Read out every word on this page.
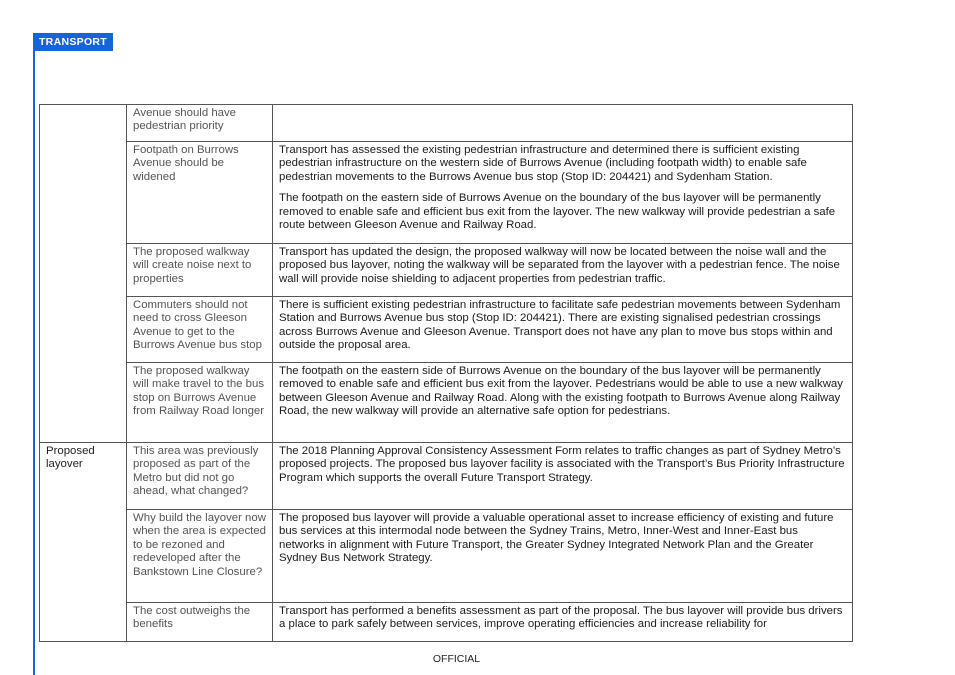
TRANSPORT
	Avenue should have pedestrian priority	

	Footpath on Burrows Avenue should be widened	Transport has assessed the existing pedestrian infrastructure and determined there is sufficient existing pedestrian infrastructure on the western side of Burrows Avenue (including footpath width) to enable safe pedestrian movements to the Burrows Avenue bus stop (Stop ID: 204421) and Sydenham Station.

The footpath on the eastern side of Burrows Avenue on the boundary of the bus layover will be permanently removed to enable safe and efficient bus exit from the layover. The new walkway will provide pedestrian a safe route between Gleeson Avenue and Railway Road.

	The proposed walkway will create noise next to properties	Transport has updated the design, the proposed walkway will now be located between the noise wall and the proposed bus layover, noting the walkway will be separated from the layover with a pedestrian fence. The noise wall will provide noise shielding to adjacent properties from pedestrian traffic.

	Commuters should not need to cross Gleeson Avenue to get to the Burrows Avenue bus stop	There is sufficient existing pedestrian infrastructure to facilitate safe pedestrian movements between Sydenham Station and Burrows Avenue bus stop (Stop ID: 204421). There are existing signalised pedestrian crossings across Burrows Avenue and Gleeson Avenue. Transport does not have any plan to move bus stops within and outside the proposal area.

	The proposed walkway will make travel to the bus stop on Burrows Avenue from Railway Road longer	The footpath on the eastern side of Burrows Avenue on the boundary of the bus layover will be permanently removed to enable safe and efficient bus exit from the layover. Pedestrians would be able to use a new walkway between Gleeson Avenue and Railway Road. Along with the existing footpath to Burrows Avenue along Railway Road, the new walkway will provide an alternative safe option for pedestrians.

Proposed layover	This area was previously proposed as part of the Metro but did not go ahead, what changed?	The 2018 Planning Approval Consistency Assessment Form relates to traffic changes as part of Sydney Metro’s proposed projects. The proposed bus layover facility is associated with the Transport’s Bus Priority Infrastructure Program which supports the overall Future Transport Strategy.

	Why build the layover now when the area is expected to be rezoned and redeveloped after the Bankstown Line Closure?	The proposed bus layover will provide a valuable operational asset to increase efficiency of existing and future bus services at this intermodal node between the Sydney Trains, Metro, Inner-West and Inner-East bus networks in alignment with Future Transport, the Greater Sydney Integrated Network Plan and the Greater Sydney Bus Network Strategy.

	The cost outweighs the benefits	Transport has performed a benefits assessment as part of the proposal. The bus layover will provide bus drivers a place to park safely between services, improve operating efficiencies and increase reliability for

OFFICIAL
